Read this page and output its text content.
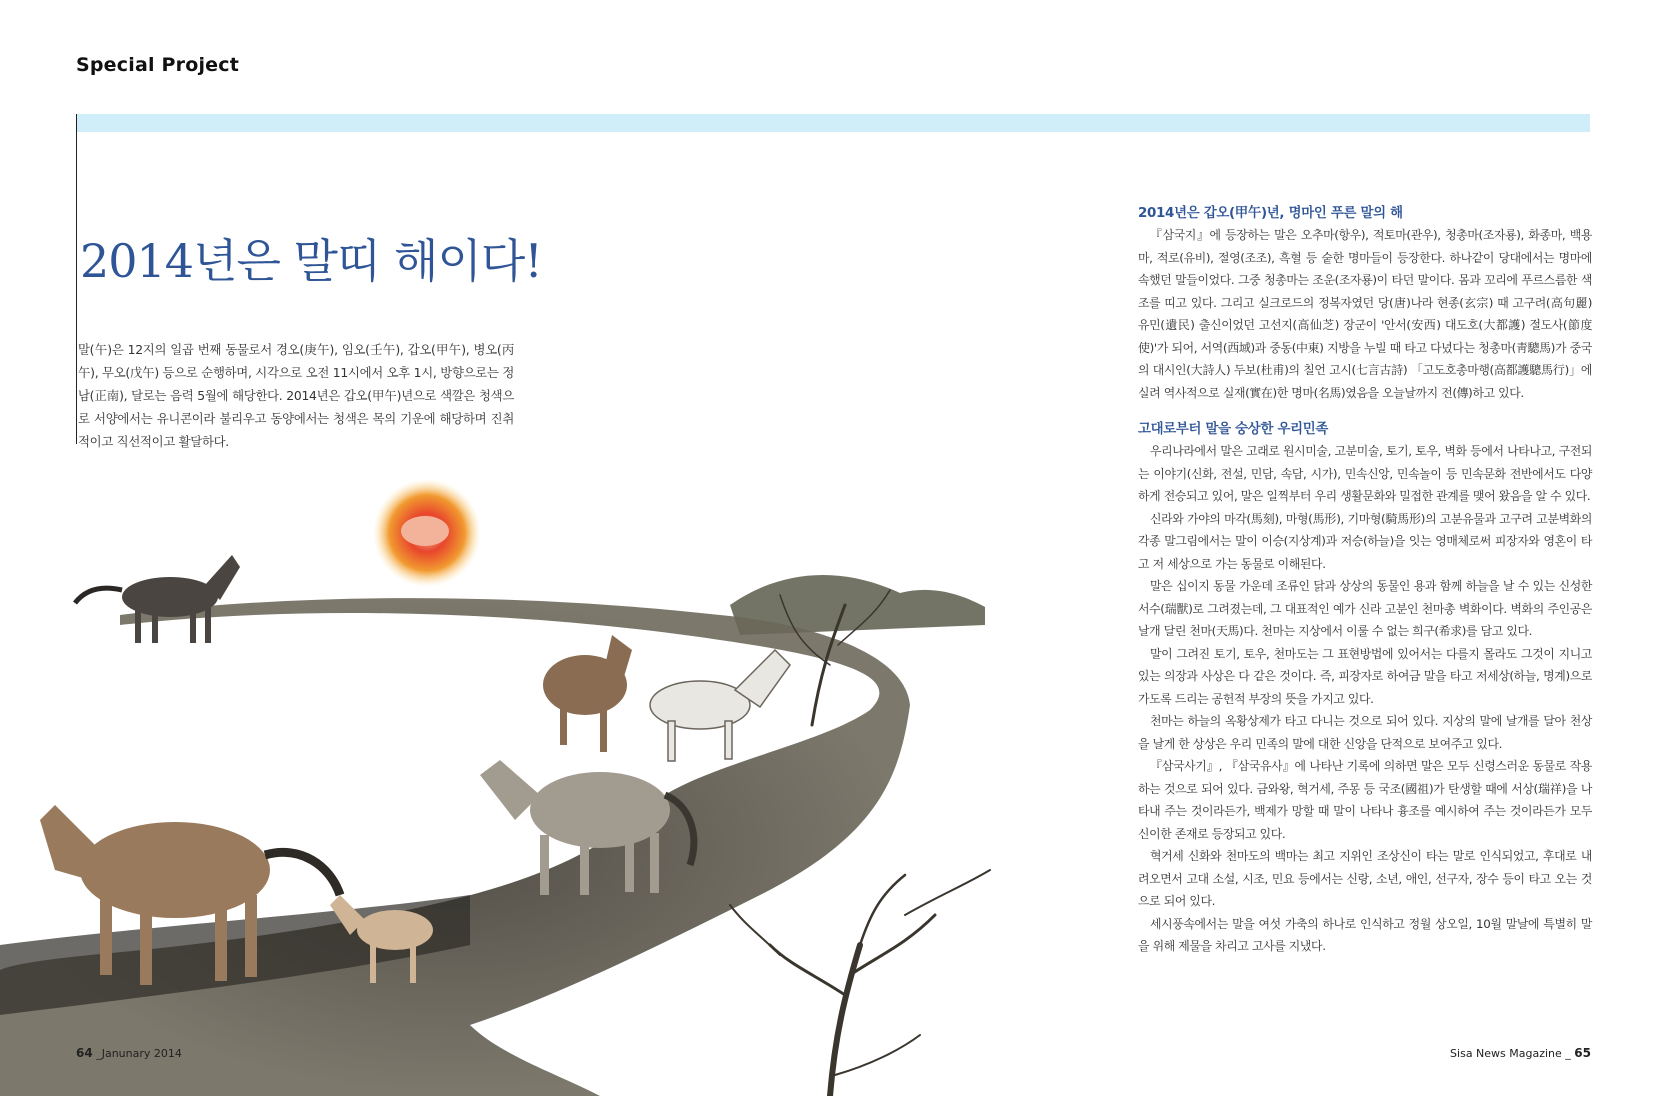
Special Project
2014년은 말띠 해이다!

말(午)은 12지의 일곱 번째 동물로서 경오(庚午), 임오(壬午), 갑오(甲午), 병오(丙午), 무오(戊午) 등으로 순행하며, 시각으로 오전 11시에서 오후 1시, 방향으로는 정남(正南), 달로는 음력 5월에 해당한다. 2014년은 갑오(甲午)년으로 색깔은 청색으로 서양에서는 유니콘이라 불리우고 동양에서는 청색은 목의 기운에 해당하며 진취적이고 직선적이고 활달하다.

2014년은 갑오(甲午)년, 명마인 푸른 말의 해

『삼국지』에 등장하는 말은 오추마(항우), 적토마(관우), 청총마(조자룡), 화종마, 백용마, 적로(유비), 절영(조조), 흑혈 등 숱한 명마들이 등장한다. 하나같이 당대에서는 명마에 속했던 말들이었다. 그중 청총마는 조운(조자룡)이 타던 말이다. 몸과 꼬리에 푸르스름한 색조를 띠고 있다. 그리고 실크로드의 정복자였던 당(唐)나라 현종(玄宗) 때 고구려(高句麗) 유민(遺民) 출신이었던 고선지(高仙芝) 장군이 '안서(安西) 대도호(大都護) 절도사(節度使)'가 되어, 서역(西域)과 중동(中東) 지방을 누빌 때 타고 다녔다는 청총마(靑驄馬)가 중국의 대시인(大詩人) 두보(杜甫)의 칠언 고시(七言古詩) 「고도호총마행(高都護驄馬行)」에 실려 역사적으로 실재(實在)한 명마(名馬)였음을 오늘날까지 전(傳)하고 있다.

고대로부터 말을 숭상한 우리민족

우리나라에서 말은 고래로 원시미술, 고분미술, 토기, 토우, 벽화 등에서 나타나고, 구전되는 이야기(신화, 전설, 민담, 속담, 시가), 민속신앙, 민속놀이 등 민속문화 전반에서도 다양하게 전승되고 있어, 말은 일찍부터 우리 생활문화와 밀접한 관계를 맺어 왔음을 알 수 있다.

신라와 가야의 마각(馬刻), 마형(馬形), 기마형(騎馬形)의 고분유물과 고구려 고분벽화의 각종 말그림에서는 말이 이승(지상계)과 저승(하늘)을 잇는 영매체로써 피장자와 영혼이 타고 저 세상으로 가는 동물로 이해된다.

말은 십이지 동물 가운데 조류인 닭과 상상의 동물인 용과 함께 하늘을 날 수 있는 신성한 서수(瑞獸)로 그려졌는데, 그 대표적인 예가 신라 고분인 천마총 벽화이다. 벽화의 주인공은 날개 달린 천마(天馬)다. 천마는 지상에서 이룰 수 없는 희구(希求)를 담고 있다.

말이 그려진 토기, 토우, 천마도는 그 표현방법에 있어서는 다를지 몰라도 그것이 지니고 있는 의장과 사상은 다 같은 것이다. 즉, 피장자로 하여금 말을 타고 저세상(하늘, 명계)으로 가도록 드리는 공헌적 부장의 뜻을 가지고 있다.

천마는 하늘의 옥황상제가 타고 다니는 것으로 되어 있다. 지상의 말에 날개를 달아 천상을 날게 한 상상은 우리 민족의 말에 대한 신앙을 단적으로 보여주고 있다.

『삼국사기』, 『삼국유사』에 나타난 기록에 의하면 말은 모두 신령스러운 동물로 작용하는 것으로 되어 있다. 금와왕, 혁거세, 주몽 등 국조(國祖)가 탄생할 때에 서상(瑞祥)을 나타내 주는 것이라든가, 백제가 망할 때 말이 나타나 흉조를 예시하여 주는 것이라든가 모두 신이한 존재로 등장되고 있다.

혁거세 신화와 천마도의 백마는 최고 지위인 조상신이 타는 말로 인식되었고, 후대로 내려오면서 고대 소설, 시조, 민요 등에서는 신랑, 소년, 애인, 선구자, 장수 등이 타고 오는 것으로 되어 있다.

세시풍속에서는 말을 여섯 가축의 하나로 인식하고 정월 상오일, 10월 말날에 특별히 말을 위해 제물을 차리고 고사를 지냈다.

64 _Janunary 2014	Sisa News Magazine _ 65
